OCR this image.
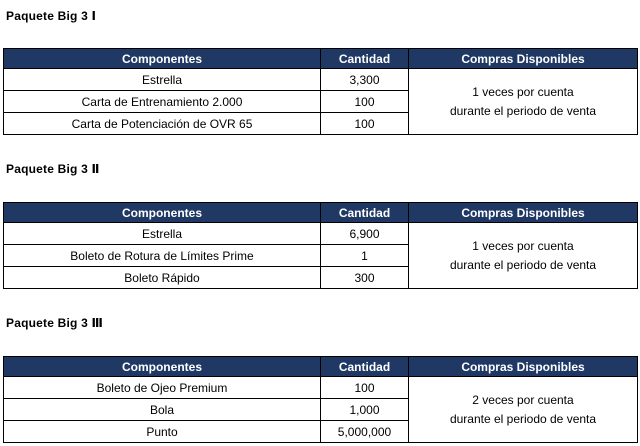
Paquete Big 3 Ⅰ
Componentes	Cantidad	Compras Disponibles
Estrella	3,300	1 veces por cuenta
durante el periodo de venta

Carta de Entrenamiento 2.000	100	
Carta de Potenciación de OVR 65	100	
Paquete Big 3 Ⅱ
Componentes	Cantidad	Compras Disponibles
Estrella	6,900	1 veces por cuenta
durante el periodo de venta

Boleto de Rotura de Límites Prime	1	
Boleto Rápido	300	
Paquete Big 3 Ⅲ
Componentes	Cantidad	Compras Disponibles
Boleto de Ojeo Premium	100	2 veces por cuenta
durante el periodo de venta

Bola	1,000	
Punto	5,000,000	
